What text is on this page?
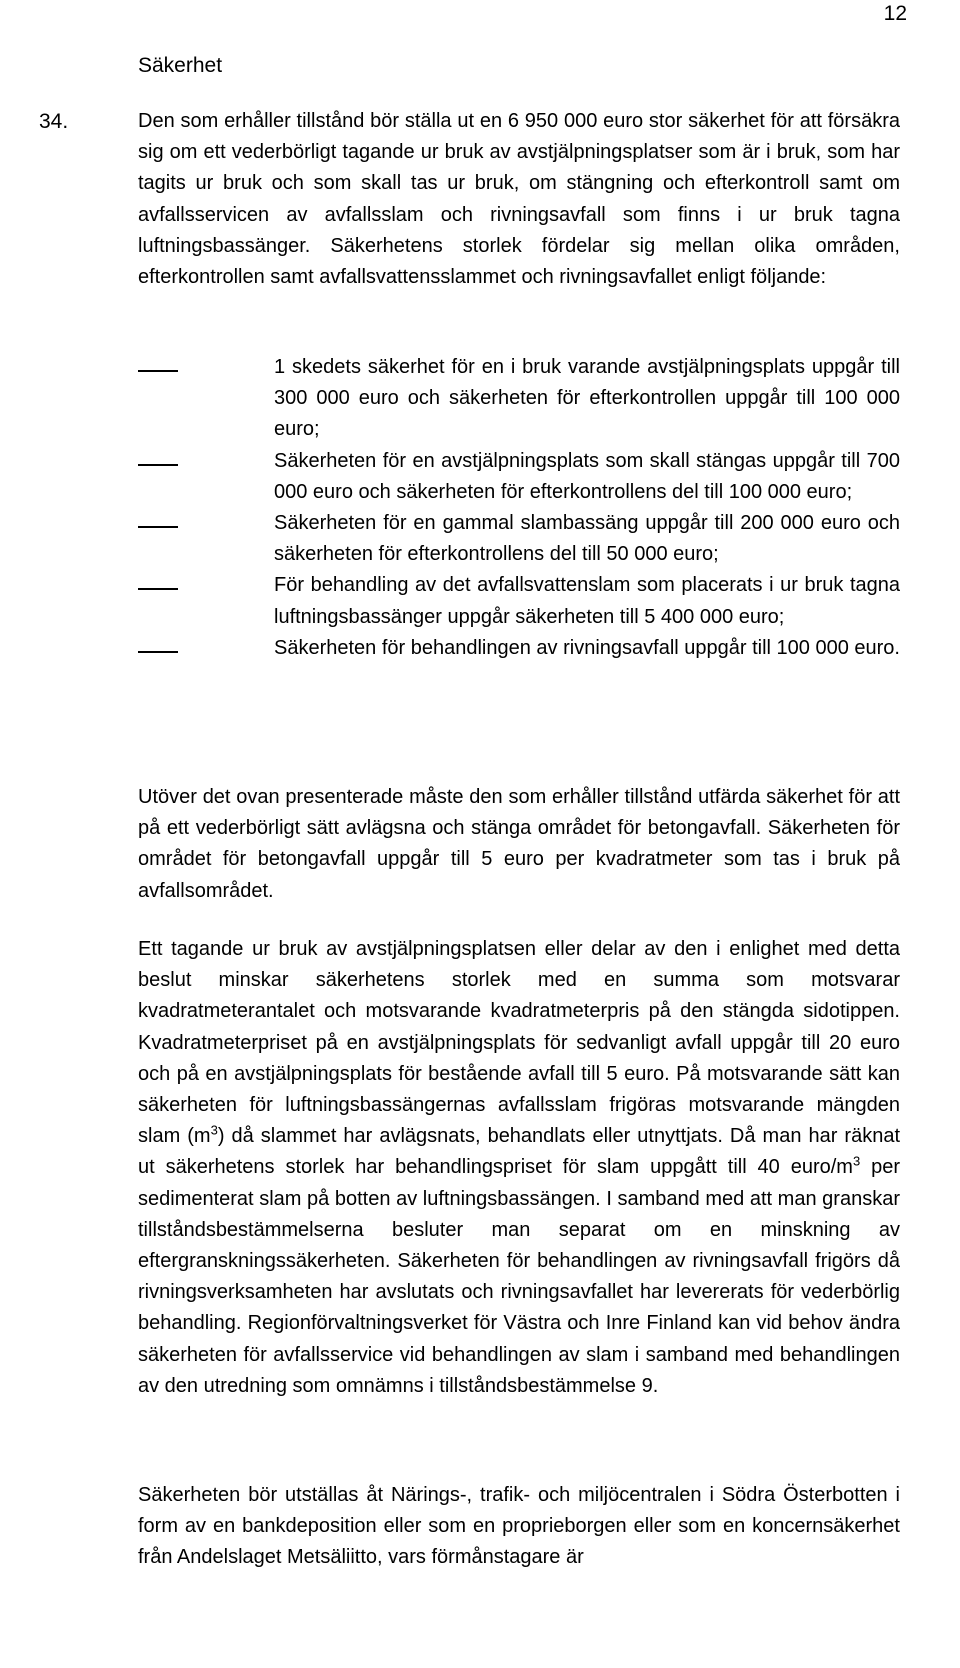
12
Säkerhet
34.	Den som erhåller tillstånd bör ställa ut en 6 950 000 euro stor säkerhet för att försäkra sig om ett vederbörligt tagande ur bruk av avstjälpningsplatser som är i bruk, som har tagits ur bruk och som skall tas ur bruk, om stängning och efterkontroll samt om avfallsservicen av avfallsslam och rivningsavfall som finns i ur bruk tagna luftningsbassänger. Säkerhetens storlek fördelar sig mellan olika områden, efterkontrollen samt avfallsvattensslammet och rivningsavfallet enligt följande:

1 skedets säkerhet för en i bruk varande avstjälpningsplats uppgår till 300 000 euro och säkerheten för efterkontrollen uppgår till 100 000 euro;
Säkerheten för en avstjälpningsplats som skall stängas uppgår till 700 000 euro och säkerheten för efterkontrollens del till 100 000 euro;
Säkerheten för en gammal slambassäng uppgår till 200 000 euro och säkerheten för efterkontrollens del till 50 000 euro;
För behandling av det avfallsvattenslam som placerats i ur bruk tagna luftningsbassänger uppgår säkerheten till 5 400 000 euro;
Säkerheten för behandlingen av rivningsavfall uppgår till 100 000 euro.

Utöver det ovan presenterade måste den som erhåller tillstånd utfärda säkerhet för att på ett vederbörligt sätt avlägsna och stänga området för betongavfall. Säkerheten för området för betongavfall uppgår till 5 euro per kvadratmeter som tas i bruk på avfallsområdet.

Ett tagande ur bruk av avstjälpningsplatsen eller delar av den i enlighet med detta beslut minskar säkerhetens storlek med en summa som motsvarar kvadratmeterantalet och motsvarande kvadratmeterpris på den stängda sidotippen. Kvadratmeterpriset på en avstjälpningsplats för sedvanligt avfall uppgår till 20 euro och på en avstjälpningsplats för bestående avfall till 5 euro. På motsvarande sätt kan säkerheten för luftningsbassängernas avfallsslam frigöras motsvarande mängden slam $(m^3)$ då slammet har avlägsnats, behandlats eller utnyttjats. Då man har räknat ut säkerhetens storlek har behandlingspriset för slam uppgått till 40 euro/$m^3$ per sedimenterat slam på botten av luftningsbassängen. I samband med att man granskar tillståndsbestämmelserna besluter man separat om en minskning av eftergranskningssäkerheten. Säkerheten för behandlingen av rivningsavfall frigörs då rivningsverksamheten har avslutats och rivningsavfallet har levererats för vederbörlig behandling. Regionförvaltningsverket för Västra och Inre Finland kan vid behov ändra säkerheten för avfallsservice vid behandlingen av slam i samband med behandlingen av den utredning som omnämns i tillståndsbestämmelse 9.

Säkerheten bör utställas åt Närings-, trafik- och miljöcentralen i Södra Österbotten i form av en bankdeposition eller som en proprieborgen eller som en koncernsäkerhet från Andelslaget Metsäliitto, vars förmånstagare är
